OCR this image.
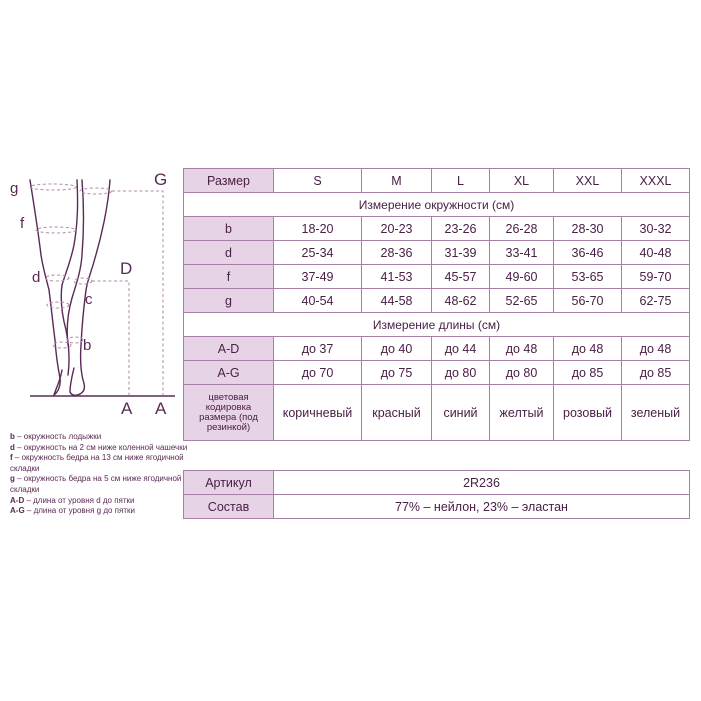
g
f
d
c
b
G
D
A A
b – окружность лодыжки
d – окружность на 2 см ниже коленной чашечки
f – окружность бедра на 13 см ниже ягодичной складки
g – окружность бедра на 5 см ниже ягодичной складки
A-D – длина от уровня d до пятки
A-G – длина от уровня g до пятки
Размер	S	M	L	XL	XXL	XXXL
Измерение окружности (см)						
b	18-20	20-23	23-26	26-28	28-30	30-32
d	25-34	28-36	31-39	33-41	36-46	40-48
f	37-49	41-53	45-57	49-60	53-65	59-70
g	40-54	44-58	48-62	52-65	56-70	62-75
Измерение длины (см)						
A-D	до 37	до 40	до 44	до 48	до 48	до 48
A-G	до 70	до 75	до 80	до 80	до 85	до 85
цветовая кодировка размера (под резинкой)	коричневый	красный	синий	желтый	розовый	зеленый
Артикул	2R236
Состав	77% – нейлон, 23% – эластан
